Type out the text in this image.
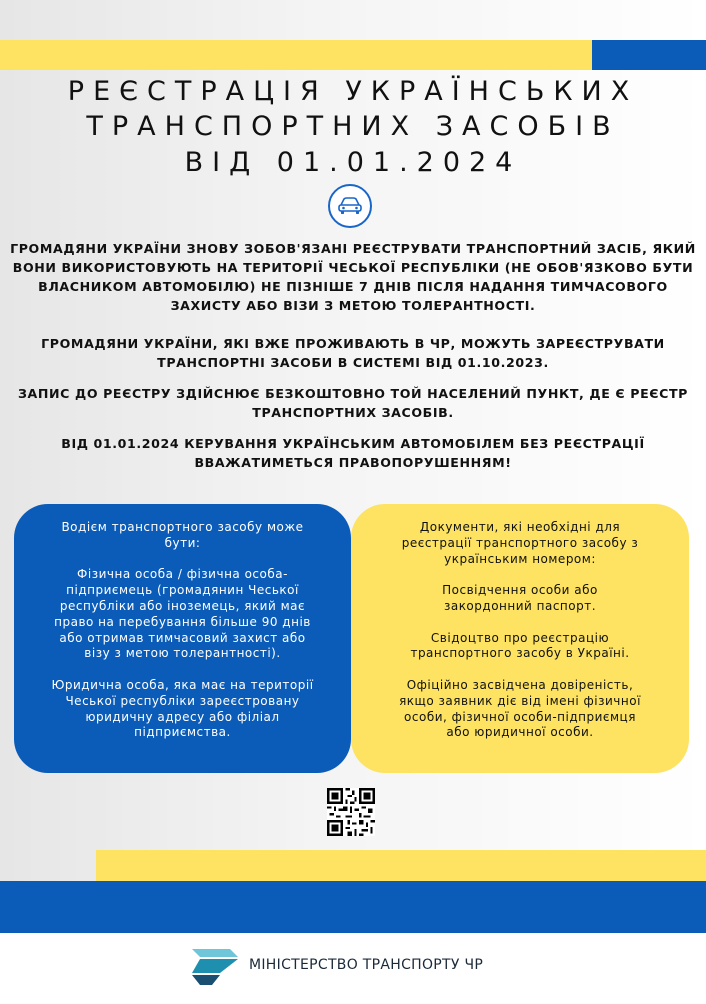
РЕЄСТРАЦІЯ УКРАЇНСЬКИХ
ТРАНСПОРТНИХ ЗАСОБІВ
ВІД 01.01.2024

ГРОМАДЯНИ УКРАЇНИ ЗНОВУ ЗОБОВ'ЯЗАНІ РЕЄСТРУВАТИ ТРАНСПОРТНИЙ ЗАСІБ, ЯКИЙ ВОНИ ВИКОРИСТОВУЮТЬ НА ТЕРИТОРІЇ ЧЕСЬКОЇ РЕСПУБЛІКИ (НЕ ОБОВ'ЯЗКОВО БУТИ ВЛАСНИКОМ АВТОМОБІЛЮ) НЕ ПІЗНІШЕ 7 ДНІВ ПІСЛЯ НАДАННЯ ТИМЧАСОВОГО ЗАХИСТУ АБО ВІЗИ З МЕТОЮ ТОЛЕРАНТНОСТІ.

ГРОМАДЯНИ УКРАЇНИ, ЯКІ ВЖЕ ПРОЖИВАЮТЬ В ЧР, МОЖУТЬ ЗАРЕЄСТРУВАТИ ТРАНСПОРТНІ ЗАСОБИ В СИСТЕМІ ВІД 01.10.2023.

ЗАПИС ДО РЕЄСТРУ ЗДІЙСНЮЄ БЕЗКОШТОВНО ТОЙ НАСЕЛЕНИЙ ПУНКТ, ДЕ Є РЕЄСТР ТРАНСПОРТНИХ ЗАСОБІВ.

ВІД 01.01.2024 КЕРУВАННЯ УКРАЇНСЬКИМ АВТОМОБІЛЕМ БЕЗ РЕЄСТРАЦІЇ ВВАЖАТИМЕТЬСЯ ПРАВОПОРУШЕННЯМ!

Водієм транспортного засобу може
бути:

Фізична особа / фізична особа-
підприємець (громадянин Чеської
республіки або іноземець, який має
право на перебування більше 90 днів
або отримав тимчасовий захист або
візу з метою толерантності).

Юридична особа, яка має на території
Чеської республіки зареєстровану
юридичну адресу або філіал
підприємства.

Документи, які необхідні для
реєстрації транспортного засобу з
українським номером:

Посвідчення особи або
закордонний паспорт.

Свідоцтво про реєстрацію
транспортного засобу в Україні.

Офіційно засвідчена довіреність,
якщо заявник діє від імені фізичної
особи, фізичної особи-підприємця
або юридичної особи.

МІНІСТЕРСТВО ТРАНСПОРТУ ЧР
